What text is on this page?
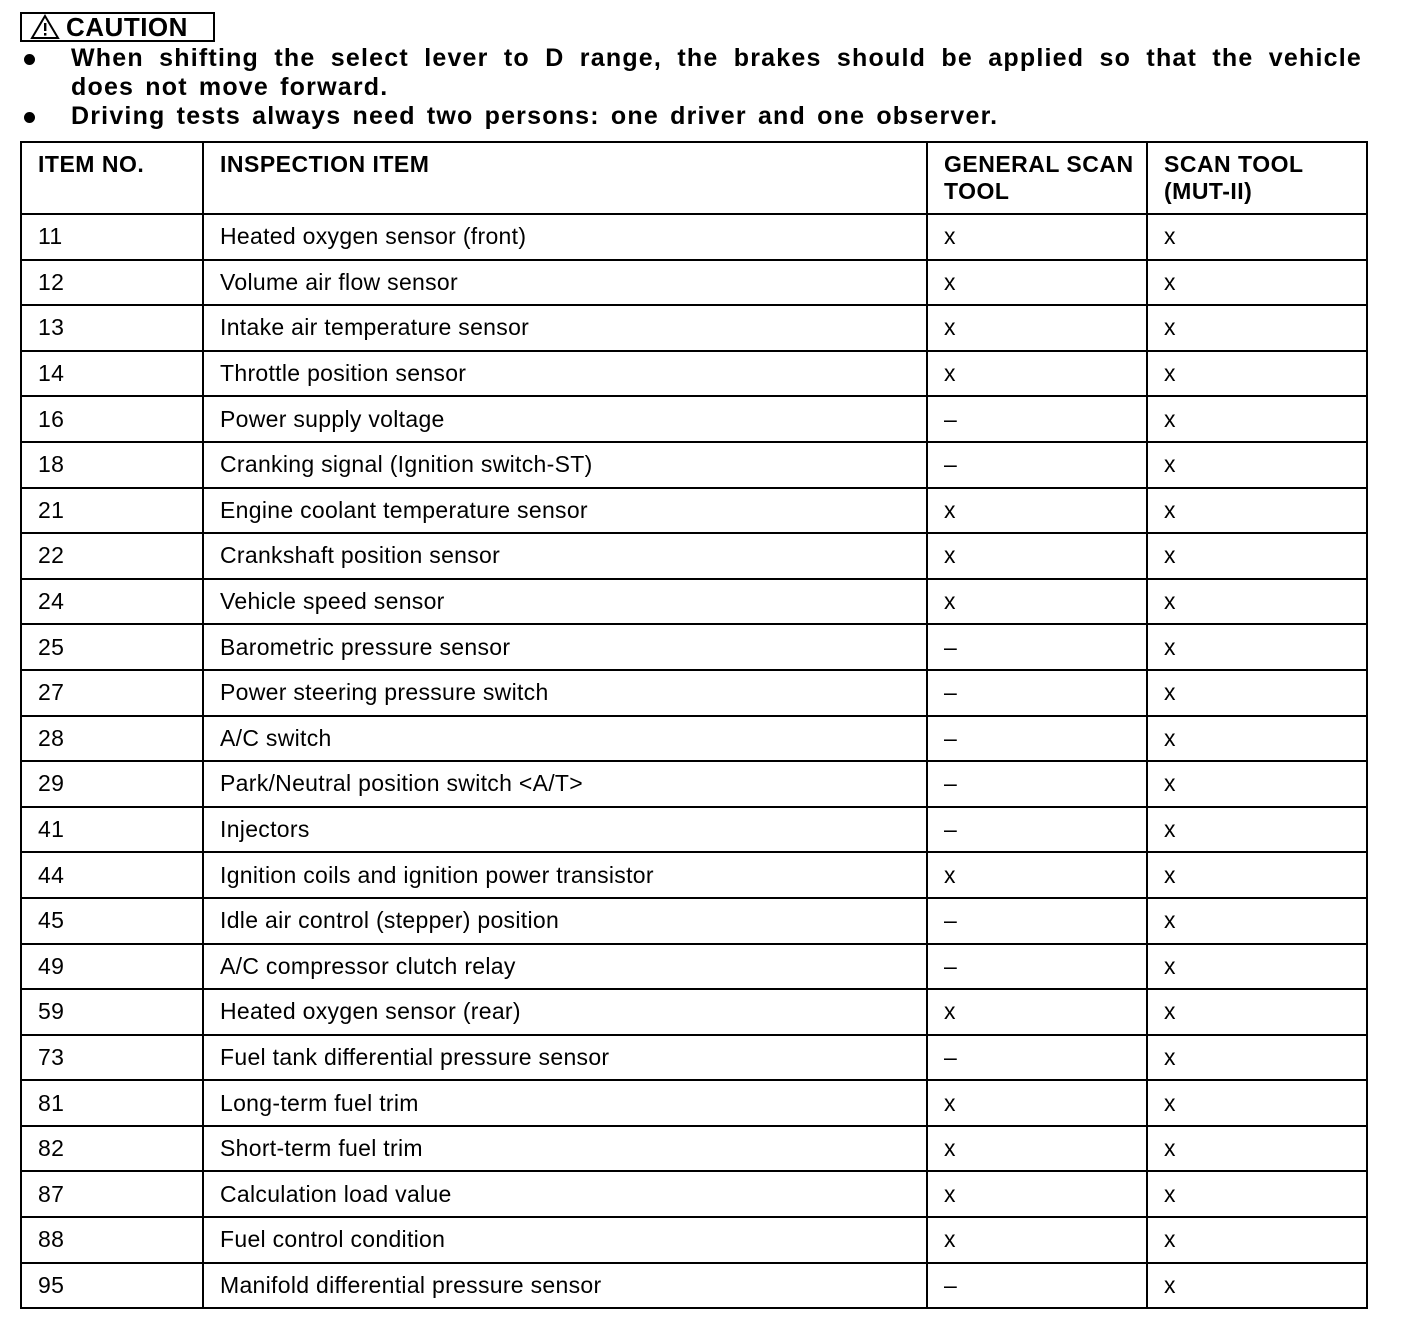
CAUTION
When shifting the select lever to D range, the brakes should be applied so that the vehicle does not move forward.
Driving tests always need two persons: one driver and one observer.
ITEM NO.	INSPECTION ITEM	GENERAL SCAN TOOL	SCAN TOOL (MUT-II)
11	Heated oxygen sensor (front)	x	x
12	Volume air flow sensor	x	x
13	Intake air temperature sensor	x	x
14	Throttle position sensor	x	x
16	Power supply voltage	–	x
18	Cranking signal (Ignition switch-ST)	–	x
21	Engine coolant temperature sensor	x	x
22	Crankshaft position sensor	x	x
24	Vehicle speed sensor	x	x
25	Barometric pressure sensor	–	x
27	Power steering pressure switch	–	x
28	A/C switch	–	x
29	Park/Neutral position switch <A/T>	–	x
41	Injectors	–	x
44	Ignition coils and ignition power transistor	x	x
45	Idle air control (stepper) position	–	x
49	A/C compressor clutch relay	–	x
59	Heated oxygen sensor (rear)	x	x
73	Fuel tank differential pressure sensor	–	x
81	Long-term fuel trim	x	x
82	Short-term fuel trim	x	x
87	Calculation load value	x	x
88	Fuel control condition	x	x
95	Manifold differential pressure sensor	–	x
